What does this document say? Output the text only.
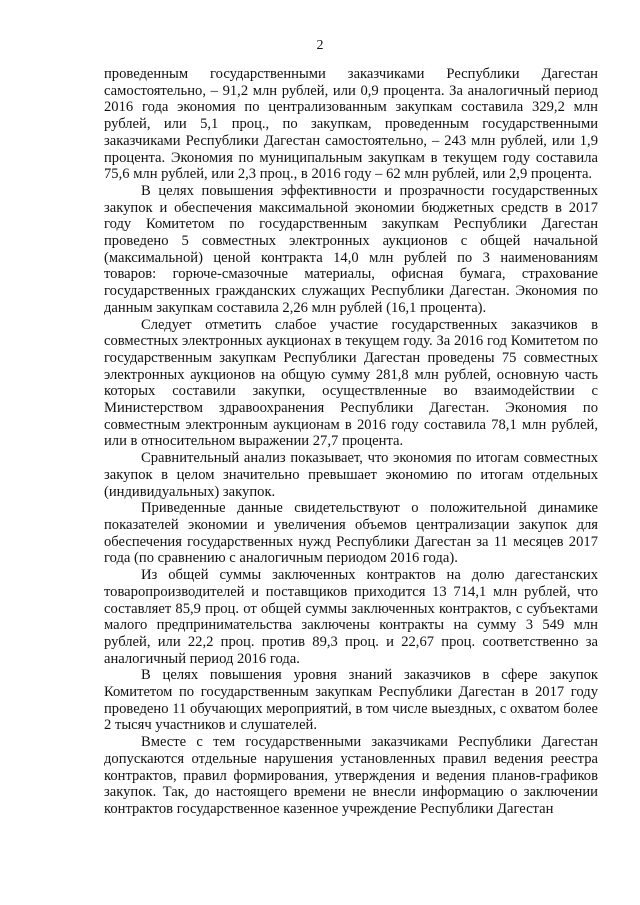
2

проведенным государственными заказчиками Республики Дагестан самостоятельно, – 91,2 млн рублей, или 0,9 процента. За аналогичный период 2016 года экономия по централизованным закупкам составила 329,2 млн рублей, или 5,1 проц., по закупкам, проведенным государственными заказчиками Республики Дагестан самостоятельно, – 243 млн рублей, или 1,9 процента. Экономия по муниципальным закупкам в текущем году составила 75,6 млн рублей, или 2,3 проц., в 2016 году – 62 млн рублей, или 2,9 процента.

В целях повышения эффективности и прозрачности государственных закупок и обеспечения максимальной экономии бюджетных средств в 2017 году Комитетом по государственным закупкам Республики Дагестан проведено 5 совместных электронных аукционов с общей начальной (максимальной) ценой контракта 14,0 млн рублей по 3 наименованиям товаров: горюче-смазочные материалы, офисная бумага, страхование государственных гражданских служащих Республики Дагестан. Экономия по данным закупкам составила 2,26 млн рублей (16,1 процента).

Следует отметить слабое участие государственных заказчиков в совместных электронных аукционах в текущем году. За 2016 год Комитетом по государственным закупкам Республики Дагестан проведены 75 совместных электронных аукционов на общую сумму 281,8 млн рублей, основную часть которых составили закупки, осуществленные во взаимодействии с Министерством здравоохранения Республики Дагестан. Экономия по совместным электронным аукционам в 2016 году составила 78,1 млн рублей, или в относительном выражении 27,7 процента.

Сравнительный анализ показывает, что экономия по итогам совместных закупок в целом значительно превышает экономию по итогам отдельных (индивидуальных) закупок.

Приведенные данные свидетельствуют о положительной динамике показателей экономии и увеличения объемов централизации закупок для обеспечения государственных нужд Республики Дагестан за 11 месяцев 2017 года (по сравнению с аналогичным периодом 2016 года).

Из общей суммы заключенных контрактов на долю дагестанских товаропроизводителей и поставщиков приходится 13 714,1 млн рублей, что составляет 85,9 проц. от общей суммы заключенных контрактов, с субъектами малого предпринимательства заключены контракты на сумму 3 549 млн рублей, или 22,2 проц. против 89,3 проц. и 22,67 проц. соответственно за аналогичный период 2016 года.

В целях повышения уровня знаний заказчиков в сфере закупок Комитетом по государственным закупкам Республики Дагестан в 2017 году проведено 11 обучающих мероприятий, в том числе выездных, с охватом более 2 тысяч участников и слушателей.

Вместе с тем государственными заказчиками Республики Дагестан допускаются отдельные нарушения установленных правил ведения реестра контрактов, правил формирования, утверждения и ведения планов-графиков закупок. Так, до настоящего времени не внесли информацию о заключении контрактов государственное казенное учреждение Республики Дагестан
